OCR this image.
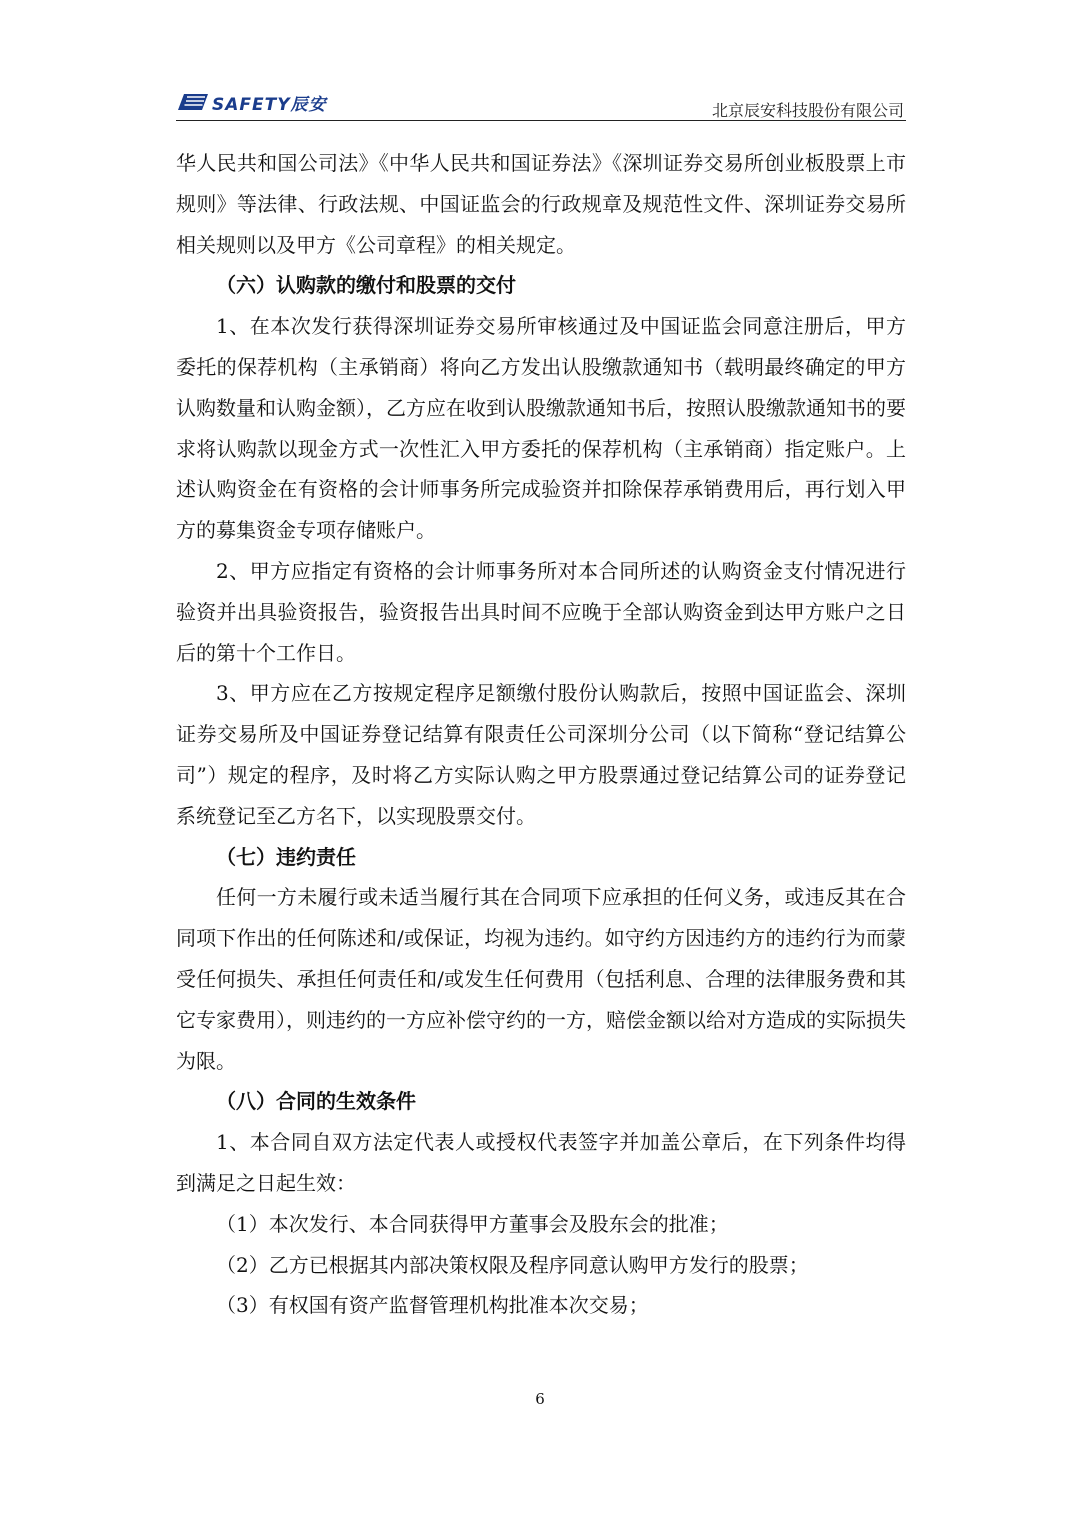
SAFETY辰安	北京辰安科技股份有限公司

华人民共和国公司法》《中华人民共和国证券法》《深圳证券交易所创业板股票上市规则》等法律、行政法规、中国证监会的行政规章及规范性文件、深圳证券交易所相关规则以及甲方《公司章程》的相关规定。

（六）认购款的缴付和股票的交付

1、在本次发行获得深圳证券交易所审核通过及中国证监会同意注册后，甲方委托的保荐机构（主承销商）将向乙方发出认股缴款通知书（载明最终确定的甲方认购数量和认购金额），乙方应在收到认股缴款通知书后，按照认股缴款通知书的要求将认购款以现金方式一次性汇入甲方委托的保荐机构（主承销商）指定账户。上述认购资金在有资格的会计师事务所完成验资并扣除保荐承销费用后，再行划入甲方的募集资金专项存储账户。

2、甲方应指定有资格的会计师事务所对本合同所述的认购资金支付情况进行验资并出具验资报告，验资报告出具时间不应晚于全部认购资金到达甲方账户之日后的第十个工作日。

3、甲方应在乙方按规定程序足额缴付股份认购款后，按照中国证监会、深圳证券交易所及中国证券登记结算有限责任公司深圳分公司（以下简称“登记结算公司”）规定的程序，及时将乙方实际认购之甲方股票通过登记结算公司的证券登记系统登记至乙方名下，以实现股票交付。

（七）违约责任

任何一方未履行或未适当履行其在合同项下应承担的任何义务，或违反其在合同项下作出的任何陈述和/或保证，均视为违约。如守约方因违约方的违约行为而蒙受任何损失、承担任何责任和/或发生任何费用（包括利息、合理的法律服务费和其它专家费用），则违约的一方应补偿守约的一方，赔偿金额以给对方造成的实际损失为限。

（八）合同的生效条件

1、本合同自双方法定代表人或授权代表签字并加盖公章后，在下列条件均得到满足之日起生效：

（1）本次发行、本合同获得甲方董事会及股东会的批准；

（2）乙方已根据其内部决策权限及程序同意认购甲方发行的股票；

（3）有权国有资产监督管理机构批准本次交易；

6
